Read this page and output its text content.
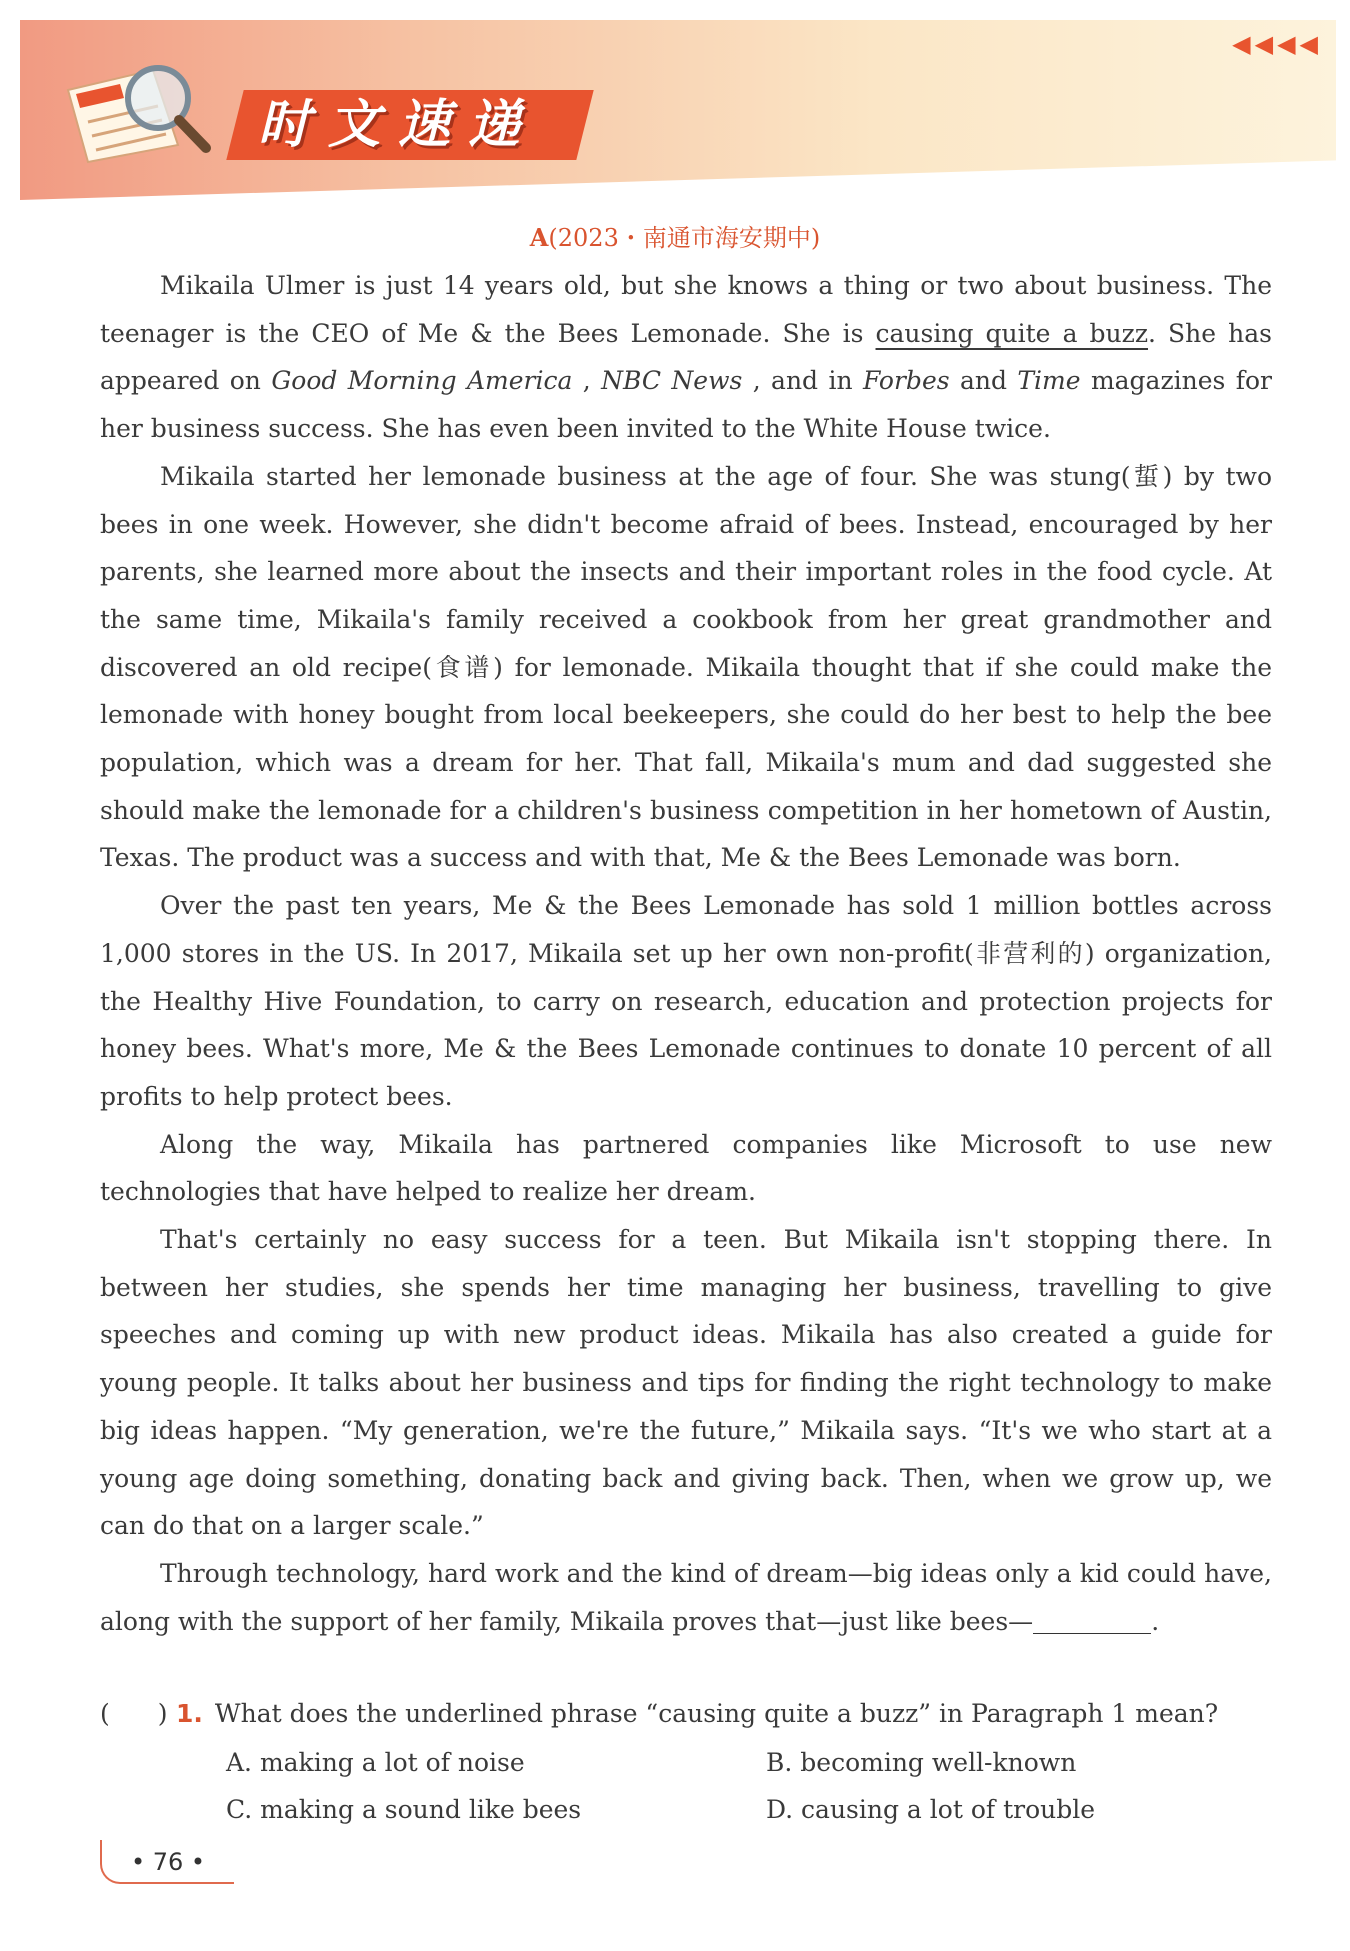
时文速递
◀◀◀◀
A(2023・南通市海安期中)

Mikaila Ulmer is just 14 years old, but she knows a thing or two about business. The teenager is the CEO of Me & the Bees Lemonade. She is causing quite a buzz. She has appeared on Good Morning America , NBC News , and in Forbes and Time magazines for her business success. She has even been invited to the White House twice.

Mikaila started her lemonade business at the age of four. She was stung(蜇) by two bees in one week. However, she didn't become afraid of bees. Instead, encouraged by her parents, she learned more about the insects and their important roles in the food cycle. At the same time, Mikaila's family received a cookbook from her great grandmother and discovered an old recipe(食谱) for lemonade. Mikaila thought that if she could make the lemonade with honey bought from local beekeepers, she could do her best to help the bee population, which was a dream for her. That fall, Mikaila's mum and dad suggested she should make the lemonade for a children's business competition in her hometown of Austin, Texas. The product was a success and with that, Me & the Bees Lemonade was born.

Over the past ten years, Me & the Bees Lemonade has sold 1 million bottles across 1,000 stores in the US. In 2017, Mikaila set up her own non-profit(非营利的) organization, the Healthy Hive Foundation, to carry on research, education and protection projects for honey bees. What's more, Me & the Bees Lemonade continues to donate 10 percent of all profits to help protect bees.

Along the way, Mikaila has partnered companies like Microsoft to use new technologies that have helped to realize her dream.

That's certainly no easy success for a teen. But Mikaila isn't stopping there. In between her studies, she spends her time managing her business, travelling to give speeches and coming up with new product ideas. Mikaila has also created a guide for young people. It talks about her business and tips for finding the right technology to make big ideas happen. “My generation, we're the future,” Mikaila says. “It's we who start at a young age doing something, donating back and giving back. Then, when we grow up, we can do that on a larger scale.”

Through technology, hard work and the kind of dream—big ideas only a kid could have, along with the support of her family, Mikaila proves that—just like bees—	.

( ) 1. What does the underlined phrase “causing quite a buzz” in Paragraph 1 mean?
A. making a lot of noise	B. becoming well-known
C. making a sound like bees	D. causing a lot of trouble
• 76 •
